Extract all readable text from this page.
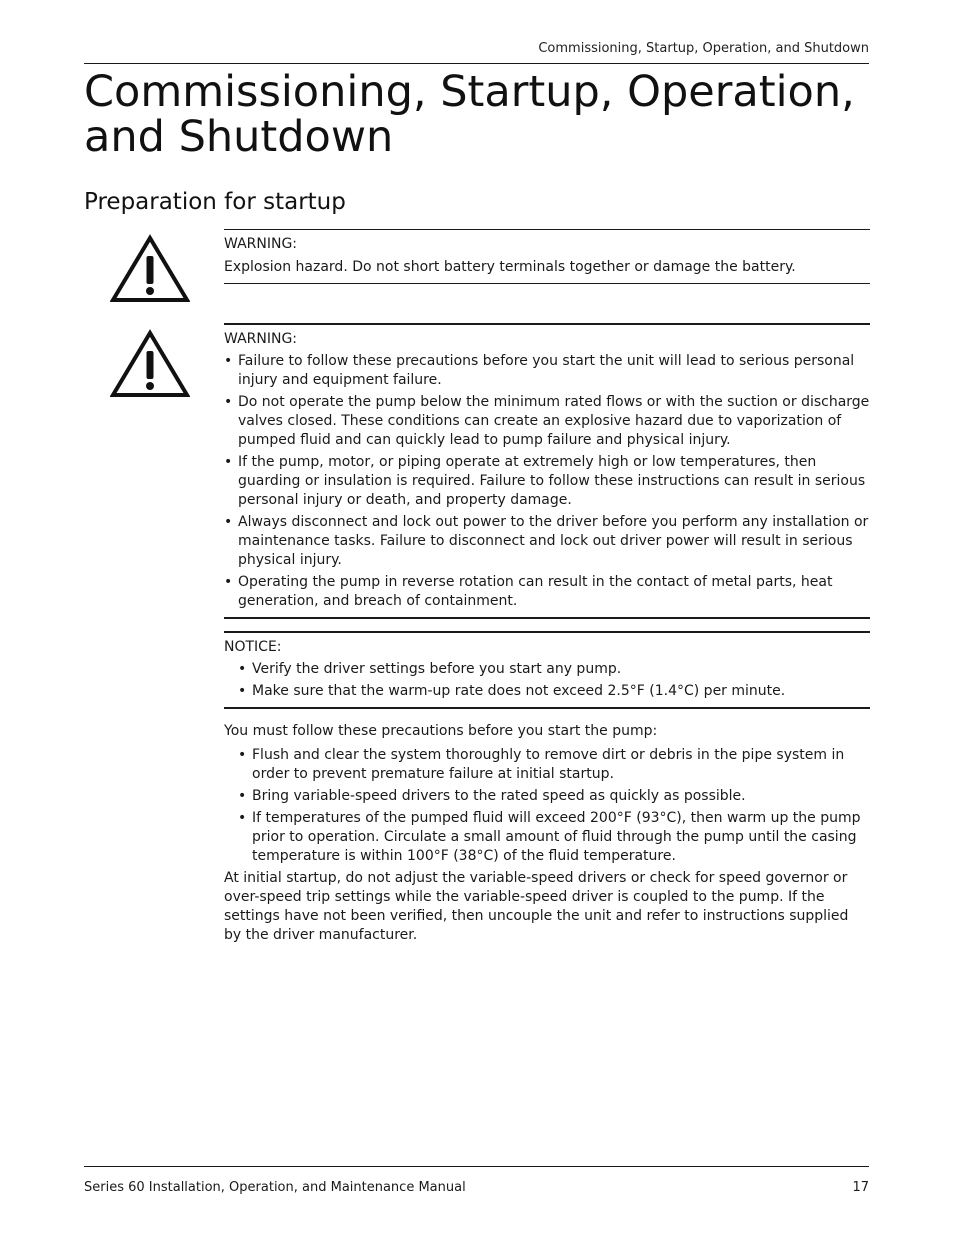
Commissioning, Startup, Operation, and Shutdown
Commissioning, Startup, Operation, and Shutdown
Preparation for startup
WARNING:
Explosion hazard. Do not short battery terminals together or damage the battery.
WARNING:
• Failure to follow these precautions before you start the unit will lead to serious personal injury and equipment failure.
• Do not operate the pump below the minimum rated flows or with the suction or discharge valves closed. These conditions can create an explosive hazard due to vaporization of pumped fluid and can quickly lead to pump failure and physical injury.
• If the pump, motor, or piping operate at extremely high or low temperatures, then guarding or insulation is required. Failure to follow these instructions can result in serious personal injury or death, and property damage.
• Always disconnect and lock out power to the driver before you perform any installation or maintenance tasks. Failure to disconnect and lock out driver power will result in serious physical injury.
• Operating the pump in reverse rotation can result in the contact of metal parts, heat generation, and breach of containment.
NOTICE:
• Verify the driver settings before you start any pump.
• Make sure that the warm-up rate does not exceed 2.5°F (1.4°C) per minute.
You must follow these precautions before you start the pump:
• Flush and clear the system thoroughly to remove dirt or debris in the pipe system in order to prevent premature failure at initial startup.
• Bring variable-speed drivers to the rated speed as quickly as possible.
• If temperatures of the pumped fluid will exceed 200°F (93°C), then warm up the pump prior to operation. Circulate a small amount of fluid through the pump until the casing temperature is within 100°F (38°C) of the fluid temperature.
At initial startup, do not adjust the variable-speed drivers or check for speed governor or over-speed trip settings while the variable-speed driver is coupled to the pump. If the settings have not been verified, then uncouple the unit and refer to instructions supplied by the driver manufacturer.
Series 60 Installation, Operation, and Maintenance Manual	17
